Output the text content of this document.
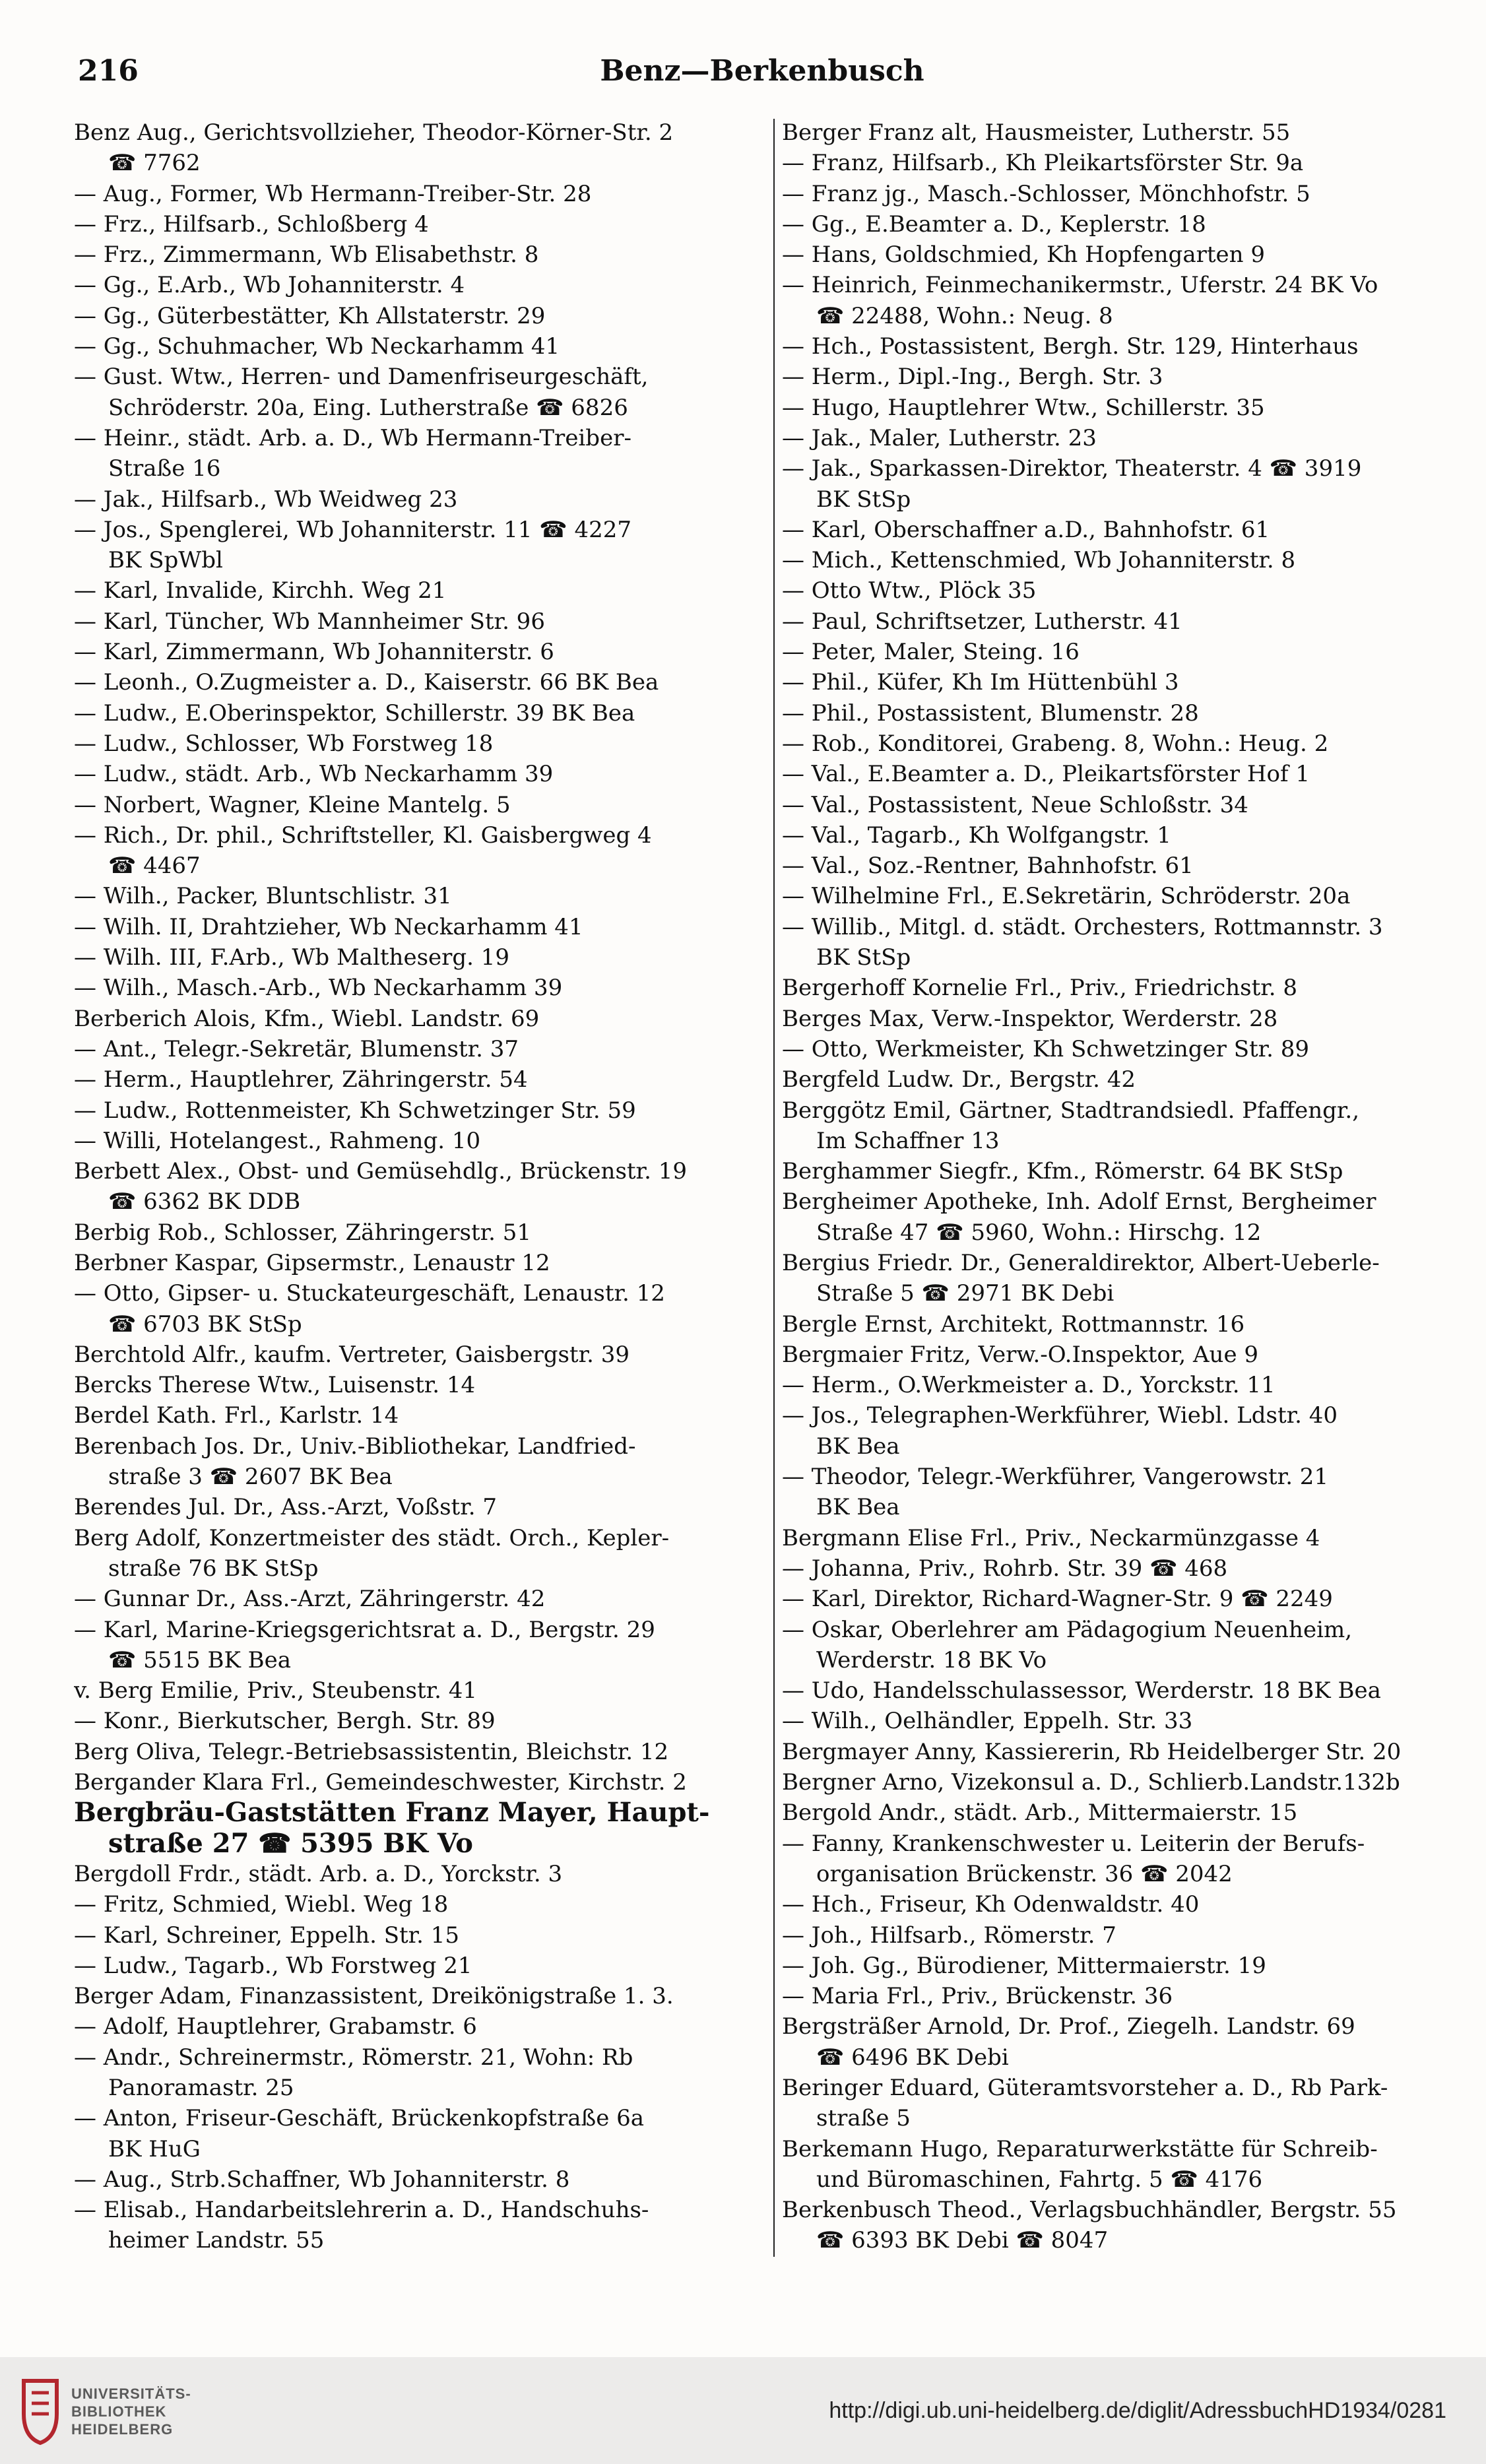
216	Benz—Berkenbusch
Benz Aug., Gerichtsvollzieher, Theodor-Körner-Str. 2
☎ 7762
— Aug., Former, Wb Hermann-Treiber-Str. 28
— Frz., Hilfsarb., Schloßberg 4
— Frz., Zimmermann, Wb Elisabethstr. 8
— Gg., E.Arb., Wb Johanniterstr. 4
— Gg., Güterbestätter, Kh Allstaterstr. 29
— Gg., Schuhmacher, Wb Neckarhamm 41
— Gust. Wtw., Herren- und Damenfriseurgeschäft,
Schröderstr. 20a, Eing. Lutherstraße ☎ 6826
— Heinr., städt. Arb. a. D., Wb Hermann-Treiber-
Straße 16
— Jak., Hilfsarb., Wb Weidweg 23
— Jos., Spenglerei, Wb Johanniterstr. 11 ☎ 4227
BK SpWbl
— Karl, Invalide, Kirchh. Weg 21
— Karl, Tüncher, Wb Mannheimer Str. 96
— Karl, Zimmermann, Wb Johanniterstr. 6
— Leonh., O.Zugmeister a. D., Kaiserstr. 66 BK Bea
— Ludw., E.Oberinspektor, Schillerstr. 39 BK Bea
— Ludw., Schlosser, Wb Forstweg 18
— Ludw., städt. Arb., Wb Neckarhamm 39
— Norbert, Wagner, Kleine Mantelg. 5
— Rich., Dr. phil., Schriftsteller, Kl. Gaisbergweg 4
☎ 4467
— Wilh., Packer, Bluntschlistr. 31
— Wilh. II, Drahtzieher, Wb Neckarhamm 41
— Wilh. III, F.Arb., Wb Maltheserg. 19
— Wilh., Masch.-Arb., Wb Neckarhamm 39
Berberich Alois, Kfm., Wiebl. Landstr. 69
— Ant., Telegr.-Sekretär, Blumenstr. 37
— Herm., Hauptlehrer, Zähringerstr. 54
— Ludw., Rottenmeister, Kh Schwetzinger Str. 59
— Willi, Hotelangest., Rahmeng. 10
Berbett Alex., Obst- und Gemüsehdlg., Brückenstr. 19
☎ 6362 BK DDB
Berbig Rob., Schlosser, Zähringerstr. 51
Berbner Kaspar, Gipsermstr., Lenaustr 12
— Otto, Gipser- u. Stuckateurgeschäft, Lenaustr. 12
☎ 6703 BK StSp
Berchtold Alfr., kaufm. Vertreter, Gaisbergstr. 39
Bercks Therese Wtw., Luisenstr. 14
Berdel Kath. Frl., Karlstr. 14
Berenbach Jos. Dr., Univ.-Bibliothekar, Landfried-
straße 3 ☎ 2607 BK Bea
Berendes Jul. Dr., Ass.-Arzt, Voßstr. 7
Berg Adolf, Konzertmeister des städt. Orch., Kepler-
straße 76 BK StSp
— Gunnar Dr., Ass.-Arzt, Zähringerstr. 42
— Karl, Marine-Kriegsgerichtsrat a. D., Bergstr. 29
☎ 5515 BK Bea
v. Berg Emilie, Priv., Steubenstr. 41
— Konr., Bierkutscher, Bergh. Str. 89
Berg Oliva, Telegr.-Betriebsassistentin, Bleichstr. 12
Bergander Klara Frl., Gemeindeschwester, Kirchstr. 2
Bergbräu-Gaststätten Franz Mayer, Haupt-
straße 27 ☎ 5395 BK Vo
Bergdoll Frdr., städt. Arb. a. D., Yorckstr. 3
— Fritz, Schmied, Wiebl. Weg 18
— Karl, Schreiner, Eppelh. Str. 15
— Ludw., Tagarb., Wb Forstweg 21
Berger Adam, Finanzassistent, Dreikönigstraße 1. 3.
— Adolf, Hauptlehrer, Grabamstr. 6
— Andr., Schreinermstr., Römerstr. 21, Wohn: Rb
Panoramastr. 25
— Anton, Friseur-Geschäft, Brückenkopfstraße 6a
BK HuG
— Aug., Strb.Schaffner, Wb Johanniterstr. 8
— Elisab., Handarbeitslehrerin a. D., Handschuhs-
heimer Landstr. 55
Berger Franz alt, Hausmeister, Lutherstr. 55
— Franz, Hilfsarb., Kh Pleikartsförster Str. 9a
— Franz jg., Masch.-Schlosser, Mönchhofstr. 5
— Gg., E.Beamter a. D., Keplerstr. 18
— Hans, Goldschmied, Kh Hopfengarten 9
— Heinrich, Feinmechanikermstr., Uferstr. 24 BK Vo
☎ 22488, Wohn.: Neug. 8
— Hch., Postassistent, Bergh. Str. 129, Hinterhaus
— Herm., Dipl.-Ing., Bergh. Str. 3
— Hugo, Hauptlehrer Wtw., Schillerstr. 35
— Jak., Maler, Lutherstr. 23
— Jak., Sparkassen-Direktor, Theaterstr. 4 ☎ 3919
BK StSp
— Karl, Oberschaffner a.D., Bahnhofstr. 61
— Mich., Kettenschmied, Wb Johanniterstr. 8
— Otto Wtw., Plöck 35
— Paul, Schriftsetzer, Lutherstr. 41
— Peter, Maler, Steing. 16
— Phil., Küfer, Kh Im Hüttenbühl 3
— Phil., Postassistent, Blumenstr. 28
— Rob., Konditorei, Grabeng. 8, Wohn.: Heug. 2
— Val., E.Beamter a. D., Pleikartsförster Hof 1
— Val., Postassistent, Neue Schloßstr. 34
— Val., Tagarb., Kh Wolfgangstr. 1
— Val., Soz.-Rentner, Bahnhofstr. 61
— Wilhelmine Frl., E.Sekretärin, Schröderstr. 20a
— Willib., Mitgl. d. städt. Orchesters, Rottmannstr. 3
BK StSp
Bergerhoff Kornelie Frl., Priv., Friedrichstr. 8
Berges Max, Verw.-Inspektor, Werderstr. 28
— Otto, Werkmeister, Kh Schwetzinger Str. 89
Bergfeld Ludw. Dr., Bergstr. 42
Berggötz Emil, Gärtner, Stadtrandsiedl. Pfaffengr.,
Im Schaffner 13
Berghammer Siegfr., Kfm., Römerstr. 64 BK StSp
Bergheimer Apotheke, Inh. Adolf Ernst, Bergheimer
Straße 47 ☎ 5960, Wohn.: Hirschg. 12
Bergius Friedr. Dr., Generaldirektor, Albert-Ueberle-
Straße 5 ☎ 2971 BK Debi
Bergle Ernst, Architekt, Rottmannstr. 16
Bergmaier Fritz, Verw.-O.Inspektor, Aue 9
— Herm., O.Werkmeister a. D., Yorckstr. 11
— Jos., Telegraphen-Werkführer, Wiebl. Ldstr. 40
BK Bea
— Theodor, Telegr.-Werkführer, Vangerowstr. 21
BK Bea
Bergmann Elise Frl., Priv., Neckarmünzgasse 4
— Johanna, Priv., Rohrb. Str. 39 ☎ 468
— Karl, Direktor, Richard-Wagner-Str. 9 ☎ 2249
— Oskar, Oberlehrer am Pädagogium Neuenheim,
Werderstr. 18 BK Vo
— Udo, Handelsschulassessor, Werderstr. 18 BK Bea
— Wilh., Oelhändler, Eppelh. Str. 33
Bergmayer Anny, Kassiererin, Rb Heidelberger Str. 20
Bergner Arno, Vizekonsul a. D., Schlierb.Landstr.132b
Bergold Andr., städt. Arb., Mittermaierstr. 15
— Fanny, Krankenschwester u. Leiterin der Berufs-
organisation Brückenstr. 36 ☎ 2042
— Hch., Friseur, Kh Odenwaldstr. 40
— Joh., Hilfsarb., Römerstr. 7
— Joh. Gg., Bürodiener, Mittermaierstr. 19
— Maria Frl., Priv., Brückenstr. 36
Bergsträßer Arnold, Dr. Prof., Ziegelh. Landstr. 69
☎ 6496 BK Debi
Beringer Eduard, Güteramtsvorsteher a. D., Rb Park-
straße 5
Berkemann Hugo, Reparaturwerkstätte für Schreib-
und Büromaschinen, Fahrtg. 5 ☎ 4176
Berkenbusch Theod., Verlagsbuchhändler, Bergstr. 55
☎ 6393 BK Debi ☎ 8047
UNIVERSITÄTS-
BIBLIOTHEK
HEIDELBERG
http://digi.ub.uni-heidelberg.de/diglit/AdressbuchHD1934/0281
